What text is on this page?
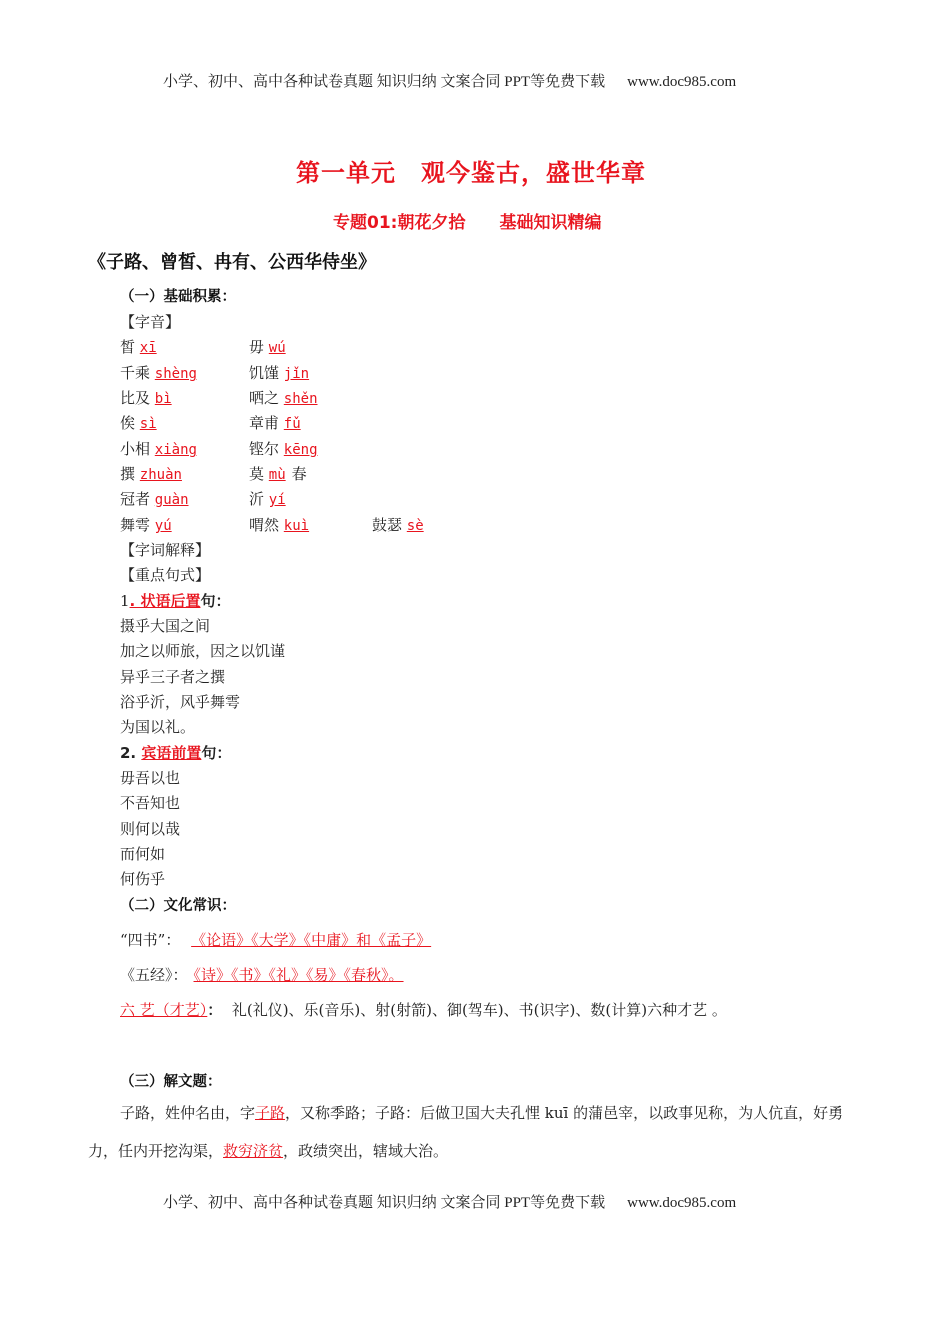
小学、初中、高中各种试卷真题 知识归纳 文案合同 PPT等免费下载 www.doc985.com
第一单元　观今鉴古，盛世华章
专题01:朝花夕拾　　基础知识精编
《子路、曾皙、冉有、公西华侍坐》
（一）基础积累：
【字音】
皙 xī	毋 wú
千乘 shèng	饥馑 jǐn
比及 bì	哂之 shěn
俟 sì	章甫 fǔ
小相 xiàng	铿尔 kēng
撰 zhuàn	莫 mù 春
冠者 guàn	沂 yí
舞雩 yú	喟然 kuì	鼓瑟 sè
【字词解释】
【重点句式】
1. 状语后置句：
摄乎大国之间
加之以师旅，因之以饥谨
异乎三子者之撰
浴乎沂，风乎舞雩
为国以礼。
2. 宾语前置句：
毋吾以也
不吾知也
则何以哉
而何如
何伤乎
（二）文化常识：
“四书”： 《论语》《大学》《中庸》和《孟子》
《五经》： 《诗》《书》《礼》《易》《春秋》。
六 艺（才艺）： 礼(礼仪)、乐(音乐)、射(射箭)、御(驾车)、书(识字)、数(计算)六种才艺 。
（三）解文题：
子路，姓仲名由，字子路，又称季路；子路：后做卫国大夫孔悝 kuī 的蒲邑宰，以政事见称，为人伉直，好勇力，任内开挖沟渠，救穷济贫，政绩突出，辖域大治。
小学、初中、高中各种试卷真题 知识归纳 文案合同 PPT等免费下载 www.doc985.com
